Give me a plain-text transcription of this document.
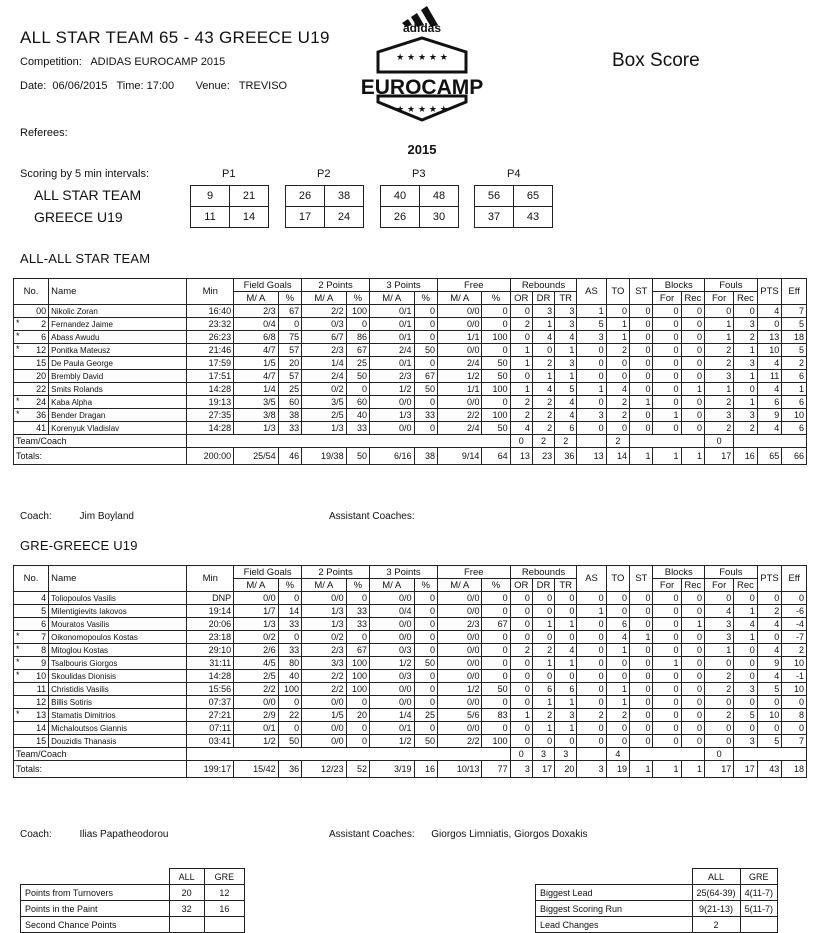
ALL STAR TEAM 65 - 43 GREECE U19
Competition: ADIDAS EUROCAMP 2015
Date: 06/06/2015 Time: 17:00 Venue: TREVISO
Referees:
Box Score
adidas
★ ★ ★ ★ ★
★ ★ ★ ★ ★
EUROCAMP
2015
Scoring by 5 min intervals:	P1	P2	P3	P4
ALL STAR TEAM	9	21	26	38	40	48	56	65
GREECE U19	11	14	17	24	26	30	37	43
ALL-ALL STAR TEAM
No.	Name	Min	Field Goals		2 Points		3 Points		Free		Rebounds			AS	TO	ST	Blocks		Fouls		PTS	Eff
			M/ A	%	M/ A	%	M/ A	%	M/ A	%	OR	DR	TR				For	Rec	For	Rec		

00	Nikolic Zoran	16:40	2/3	67	2/2	100	0/1	0	0/0	0	0	3	3	1	0	0	0	0	0	0	4	7

* 2	Fernandez Jaime	23:32	0/4	0	0/3	0	0/1	0	0/0	0	2	1	3	5	1	0	0	0	1	3	0	5

* 6	Abass Awudu	26:23	6/8	75	6/7	86	0/1	0	1/1	100	0	4	4	3	1	0	0	0	1	2	13	18

* 12	Ponitka Mateusz	21:46	4/7	57	2/3	67	2/4	50	0/0	0	1	0	1	0	2	0	0	0	2	1	10	5

15	De Paula George	17:59	1/5	20	1/4	25	0/1	0	2/4	50	1	2	3	0	0	0	0	0	2	3	4	2

20	Brembly David	17:51	4/7	57	2/4	50	2/3	67	1/2	50	0	1	1	0	0	0	0	0	3	1	11	6

22	Smits Rolands	14:28	1/4	25	0/2	0	1/2	50	1/1	100	1	4	5	1	4	0	0	1	1	0	4	1

* 24	Kaba Alpha	19:13	3/5	60	3/5	60	0/0	0	0/0	0	2	2	4	0	2	1	0	0	2	1	6	6

* 36	Bender Dragan	27:35	3/8	38	2/5	40	1/3	33	2/2	100	2	2	4	3	2	0	1	0	3	3	9	10

41	Korenyuk Vladislav	14:28	1/3	33	1/3	33	0/0	0	2/4	50	4	2	6	0	0	0	0	0	2	2	4	6
Team/Coach											0	2	2		2				0			
Totals:		200:00	25/54	46	19/38	50	6/16	38	9/14	64	13	23	36	13	14	1	1	1	17	16	65	66
Coach:	Jim Boyland	Assistant Coaches:
GRE-GREECE U19
No.	Name	Min	Field Goals		2 Points		3 Points		Free		Rebounds			AS	TO	ST	Blocks		Fouls		PTS	Eff
			M/ A	%	M/ A	%	M/ A	%	M/ A	%	OR	DR	TR				For	Rec	For	Rec		

4	Toliopoulos Vasilis	DNP	0/0	0	0/0	0	0/0	0	0/0	0	0	0	0	0	0	0	0	0	0	0	0	0

5	Milentigievits Iakovos	19:14	1/7	14	1/3	33	0/4	0	0/0	0	0	0	0	1	0	0	0	0	4	1	2	-6

6	Mouratos Vasilis	20:06	1/3	33	1/3	33	0/0	0	2/3	67	0	1	1	0	6	0	0	1	3	4	4	-4

* 7	Oikonomopoulos Kostas	23:18	0/2	0	0/2	0	0/0	0	0/0	0	0	0	0	0	4	1	0	0	3	1	0	-7

* 8	Mitoglou Kostas	29:10	2/6	33	2/3	67	0/3	0	0/0	0	2	2	4	0	1	0	0	0	1	0	4	2

* 9	Tsalbouris Giorgos	31:11	4/5	80	3/3	100	1/2	50	0/0	0	0	1	1	0	0	0	1	0	0	0	9	10

* 10	Skoulidas Dionisis	14:28	2/5	40	2/2	100	0/3	0	0/0	0	0	0	0	0	0	0	0	0	2	0	4	-1

11	Christidis Vasilis	15:56	2/2	100	2/2	100	0/0	0	1/2	50	0	6	6	0	1	0	0	0	2	3	5	10

12	Billis Sotiris	07:37	0/0	0	0/0	0	0/0	0	0/0	0	0	1	1	0	1	0	0	0	0	0	0	0

* 13	Stamatis Dimitrios	27:21	2/9	22	1/5	20	1/4	25	5/6	83	1	2	3	2	2	0	0	0	2	5	10	8

14	Michaloutsos Giannis	07:11	0/1	0	0/0	0	0/1	0	0/0	0	0	1	1	0	0	0	0	0	0	0	0	0

15	Douzidis Thanasis	03:41	1/2	50	0/0	0	1/2	50	2/2	100	0	0	0	0	0	0	0	0	0	3	5	7
Team/Coach											0	3	3		4				0			
Totals:		199:17	15/42	36	12/23	52	3/19	16	10/13	77	3	17	20	3	19	1	1	1	17	17	43	18
Coach:	Ilias Papatheodorou	Assistant Coaches: Giorgos Limniatis, Giorgos Doxakis
	ALL	GRE
Points from Turnovers	20	12
Points in the Paint	32	16
Second Chance Points		
	ALL	GRE
Biggest Lead	25(64-39)	4(11-7)
Biggest Scoring Run	9(21-13)	5(11-7)
Lead Changes	2	
